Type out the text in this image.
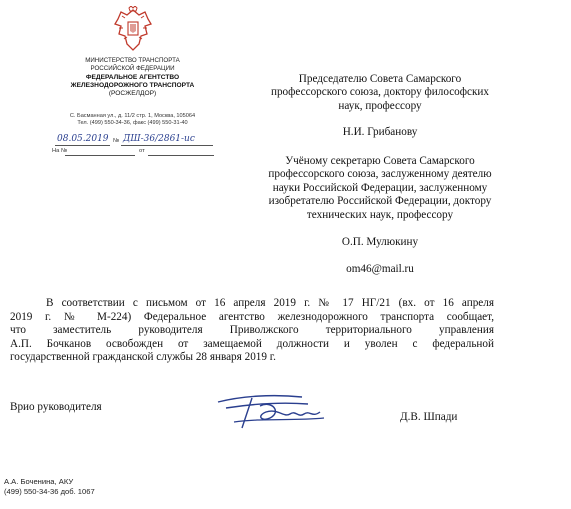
МИНИСТЕРСТВО ТРАНСПОРТА
РОССИЙСКОЙ ФЕДЕРАЦИИ
ФЕДЕРАЛЬНОЕ АГЕНТСТВО
ЖЕЛЕЗНОДОРОЖНОГО ТРАНСПОРТА
(РОСЖЕЛДОР)
С. Басманная ул., д. 11/2 стр. 1, Москва, 105064
Тел. (499) 550-34-36, факс (499) 550-31-40
08.05.2019 № ДШ-36/2861-ис
На №	от
Председателю Совета Самарского
профессорского союза, доктору философских
наук, профессору
Н.И. Грибанову
Учёному секретарю Совета Самарского
профессорского союза, заслуженному деятелю
науки Российской Федерации, заслуженному
изобретателю Российской Федерации, доктору
технических наук, профессору
О.П. Мулюкину
om46@mail.ru
В соответствии с письмом от 16 апреля 2019 г. № 17 НГ/21 (вх. от 16 апреля
2019 г. № М-224) Федеральное агентство железнодорожного транспорта сообщает,
что заместитель руководителя Приволжского территориального управления
А.П. Бочканов освобожден от замещаемой должности и уволен с федеральной
государственной гражданской службы 28 января 2019 г.
Врио руководителя
Д.В. Шпади
А.А. Боченина, АКУ
(499) 550-34-36 доб. 1067
